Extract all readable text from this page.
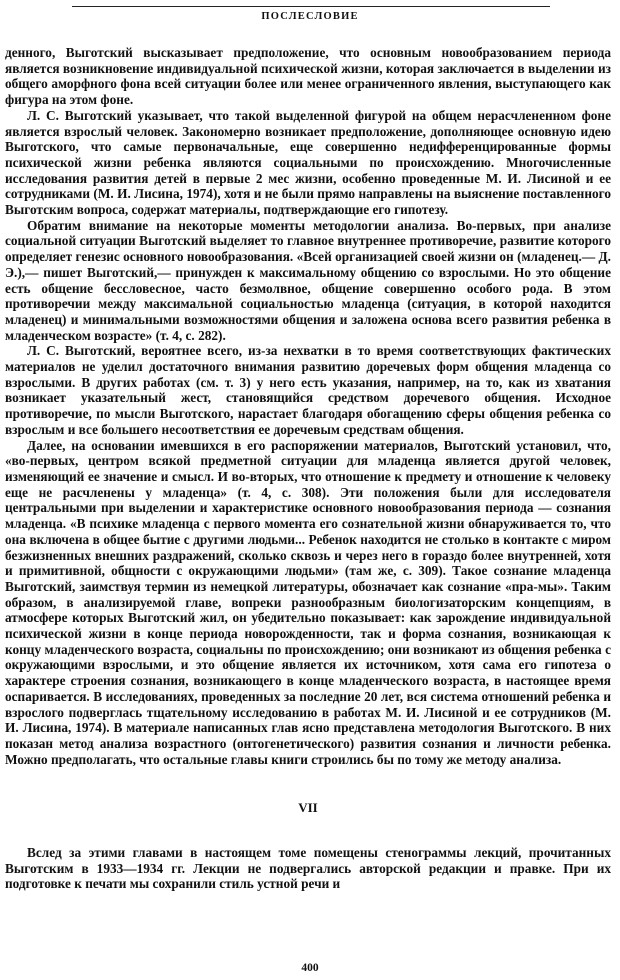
ПОСЛЕСЛОВИЕ

денного, Выготский высказывает предположение, что основным новообразованием периода является возникновение индивидуальной психической жизни, которая заключается в выделении из общего аморфного фона всей ситуации более или менее ограниченного явления, выступающего как фигура на этом фоне.

Л. С. Выготский указывает, что такой выделенной фигурой на общем нерасчлененном фоне является взрослый человек. Закономерно возникает предположение, дополняющее основную идею Выготского, что самые первоначальные, еще совершенно недифференцированные формы психической жизни ребенка являются социальными по происхождению. Многочисленные исследования развития детей в первые 2 мес жизни, особенно проведенные М. И. Лисиной и ее сотрудниками (М. И. Лисина, 1974), хотя и не были прямо направлены на выяснение поставленного Выготским вопроса, содержат материалы, подтверждающие его гипотезу.

Обратим внимание на некоторые моменты методологии анализа. Во-первых, при анализе социальной ситуации Выготский выделяет то главное внутреннее противоречие, развитие которого определяет генезис основного новообразования. «Всей организацией своей жизни он (младенец.— Д. Э.),— пишет Выготский,— принужден к максимальному общению со взрослыми. Но это общение есть общение бессловесное, часто безмолвное, общение совершенно особого рода. В этом противоречии между максимальной социальностью младенца (ситуация, в которой находится младенец) и минимальными возможностями общения и заложена основа всего развития ребенка в младенческом возрасте» (т. 4, с. 282).

Л. С. Выготский, вероятнее всего, из-за нехватки в то время соответствующих фактических материалов не уделил достаточного внимания развитию доречевых форм общения младенца со взрослыми. В других работах (см. т. 3) у него есть указания, например, на то, как из хватания возникает указательный жест, становящийся средством доречевого общения. Исходное противоречие, по мысли Выготского, нарастает благодаря обогащению сферы общения ребенка со взрослым и все большего несоответствия ее доречевым средствам общения.

Далее, на основании имевшихся в его распоряжении материалов, Выготский установил, что, «во-первых, центром всякой предметной ситуации для младенца является другой человек, изменяющий ее значение и смысл. И во-вторых, что отношение к предмету и отношение к человеку еще не расчленены у младенца» (т. 4, с. 308). Эти положения были для исследователя центральными при выделении и характеристике основного новообразования периода — сознания младенца. «В психике младенца с первого момента его сознательной жизни обнаруживается то, что она включена в общее бытие с другими людьми... Ребенок находится не столько в контакте с миром безжизненных внешних раздражений, сколько сквозь и через него в гораздо более внутренней, хотя и примитивной, общности с окружающими людьми» (там же, с. 309). Такое сознание младенца Выготский, заимствуя термин из немецкой литературы, обозначает как сознание «пра-мы». Таким образом, в анализируемой главе, вопреки разнообразным биологизаторским концепциям, в атмосфере которых Выготский жил, он убедительно показывает: как зарождение индивидуальной психической жизни в конце периода новорожденности, так и форма сознания, возникающая к концу младенческого возраста, социальны по происхождению; они возникают из общения ребенка с окружающими взрослыми, и это общение является их источником, хотя сама его гипотеза о характере строения сознания, возникающего в конце младенческого возраста, в настоящее время оспаривается. В исследованиях, проведенных за последние 20 лет, вся система отношений ребенка и взрослого подверглась тщательному исследованию в работах М. И. Лисиной и ее сотрудников (М. И. Лисина, 1974). В материале написанных глав ясно представлена методология Выготского. В них показан метод анализа возрастного (онтогенетического) развития сознания и личности ребенка. Можно предполагать, что остальные главы книги строились бы по тому же методу анализа.

VII

Вслед за этими главами в настоящем томе помещены стенограммы лекций, прочитанных Выготским в 1933—1934 гг. Лекции не подвергались авторской редакции и правке. При их подготовке к печати мы сохранили стиль устной речи и

400
